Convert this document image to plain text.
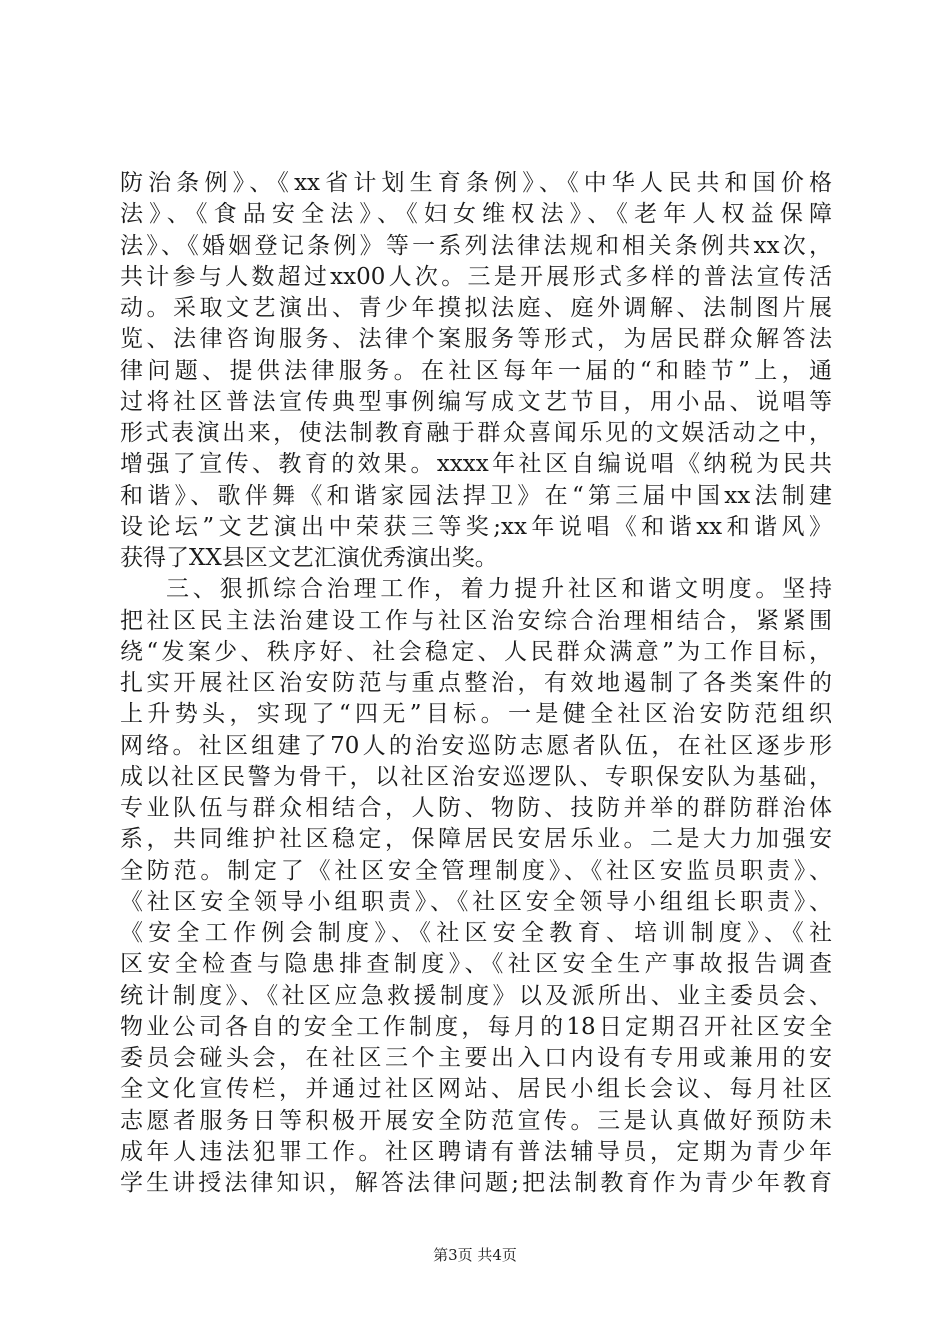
防治条例》、《xx省计划生育条例》、《中华人民共和国价格
法》、《食品安全法》、《妇女维权法》、《老年人权益保障
法》、《婚姻登记条例》等一系列法律法规和相关条例共xx次，
共计参与人数超过xx00人次。三是开展形式多样的普法宣传活
动。采取文艺演出、青少年摸拟法庭、庭外调解、法制图片展
览、法律咨询服务、法律个案服务等形式，为居民群众解答法
律问题、提供法律服务。在社区每年一届的“和睦节”上，通
过将社区普法宣传典型事例编写成文艺节目，用小品、说唱等
形式表演出来，使法制教育融于群众喜闻乐见的文娱活动之中，
增强了宣传、教育的效果。xxxx年社区自编说唱《纳税为民共
和谐》、歌伴舞《和谐家园法捍卫》在“第三届中国xx法制建
设论坛”文艺演出中荣获三等奖;xx年说唱《和谐xx和谐风》
获得了XX县区文艺汇演优秀演出奖。
三、狠抓综合治理工作，着力提升社区和谐文明度。坚持
把社区民主法治建设工作与社区治安综合治理相结合，紧紧围
绕“发案少、秩序好、社会稳定、人民群众满意”为工作目标，
扎实开展社区治安防范与重点整治，有效地遏制了各类案件的
上升势头，实现了“四无”目标。一是健全社区治安防范组织
网络。社区组建了70人的治安巡防志愿者队伍，在社区逐步形
成以社区民警为骨干，以社区治安巡逻队、专职保安队为基础，
专业队伍与群众相结合，人防、物防、技防并举的群防群治体
系，共同维护社区稳定，保障居民安居乐业。二是大力加强安
全防范。制定了《社区安全管理制度》、《社区安监员职责》、
《社区安全领导小组职责》、《社区安全领导小组组长职责》、
《安全工作例会制度》、《社区安全教育、培训制度》、《社
区安全检查与隐患排查制度》、《社区安全生产事故报告调查
统计制度》、《社区应急救援制度》以及派所出、业主委员会、
物业公司各自的安全工作制度，每月的18日定期召开社区安全
委员会碰头会，在社区三个主要出入口内设有专用或兼用的安
全文化宣传栏，并通过社区网站、居民小组长会议、每月社区
志愿者服务日等积极开展安全防范宣传。三是认真做好预防未
成年人违法犯罪工作。社区聘请有普法辅导员，定期为青少年
学生讲授法律知识，解答法律问题;把法制教育作为青少年教育
第3页 共4页
